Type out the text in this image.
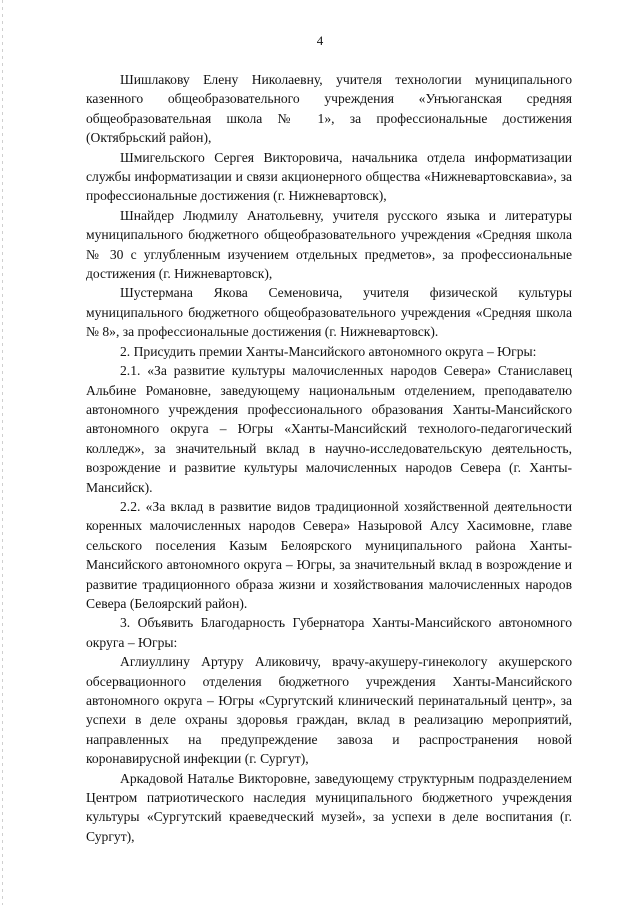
4

Шишлакову Елену Николаевну, учителя технологии муниципального казенного общеобразовательного учреждения «Унъюганская средняя общеобразовательная школа № 1», за профессиональные достижения (Октябрьский район),

Шмигельского Сергея Викторовича, начальника отдела информатизации службы информатизации и связи акционерного общества «Нижневартовскавиа», за профессиональные достижения (г. Нижневартовск),

Шнайдер Людмилу Анатольевну, учителя русского языка и литературы муниципального бюджетного общеобразовательного учреждения «Средняя школа № 30 с углубленным изучением отдельных предметов», за профессиональные достижения (г. Нижневартовск),

Шустермана Якова Семеновича, учителя физической культуры муниципального бюджетного общеобразовательного учреждения «Средняя школа № 8», за профессиональные достижения (г. Нижневартовск).

2. Присудить премии Ханты-Мансийского автономного округа – Югры:

2.1. «За развитие культуры малочисленных народов Севера» Станиславец Альбине Романовне, заведующему национальным отделением, преподавателю автономного учреждения профессионального образования Ханты-Мансийского автономного округа – Югры «Ханты-Мансийский технолого-педагогический колледж», за значительный вклад в научно-исследовательскую деятельность, возрождение и развитие культуры малочисленных народов Севера (г. Ханты-Мансийск).

2.2. «За вклад в развитие видов традиционной хозяйственной деятельности коренных малочисленных народов Севера» Назыровой Алсу Хасимовне, главе сельского поселения Казым Белоярского муниципального района Ханты-Мансийского автономного округа – Югры, за значительный вклад в возрождение и развитие традиционного образа жизни и хозяйствования малочисленных народов Севера (Белоярский район).

3. Объявить Благодарность Губернатора Ханты-Мансийского автономного округа – Югры:

Аглиуллину Артуру Аликовичу, врачу-акушеру-гинекологу акушерского обсервационного отделения бюджетного учреждения Ханты-Мансийского автономного округа – Югры «Сургутский клинический перинатальный центр», за успехи в деле охраны здоровья граждан, вклад в реализацию мероприятий, направленных на предупреждение завоза и распространения новой коронавирусной инфекции (г. Сургут),

Аркадовой Наталье Викторовне, заведующему структурным подразделением Центром патриотического наследия муниципального бюджетного учреждения культуры «Сургутский краеведческий музей», за успехи в деле воспитания (г. Сургут),
